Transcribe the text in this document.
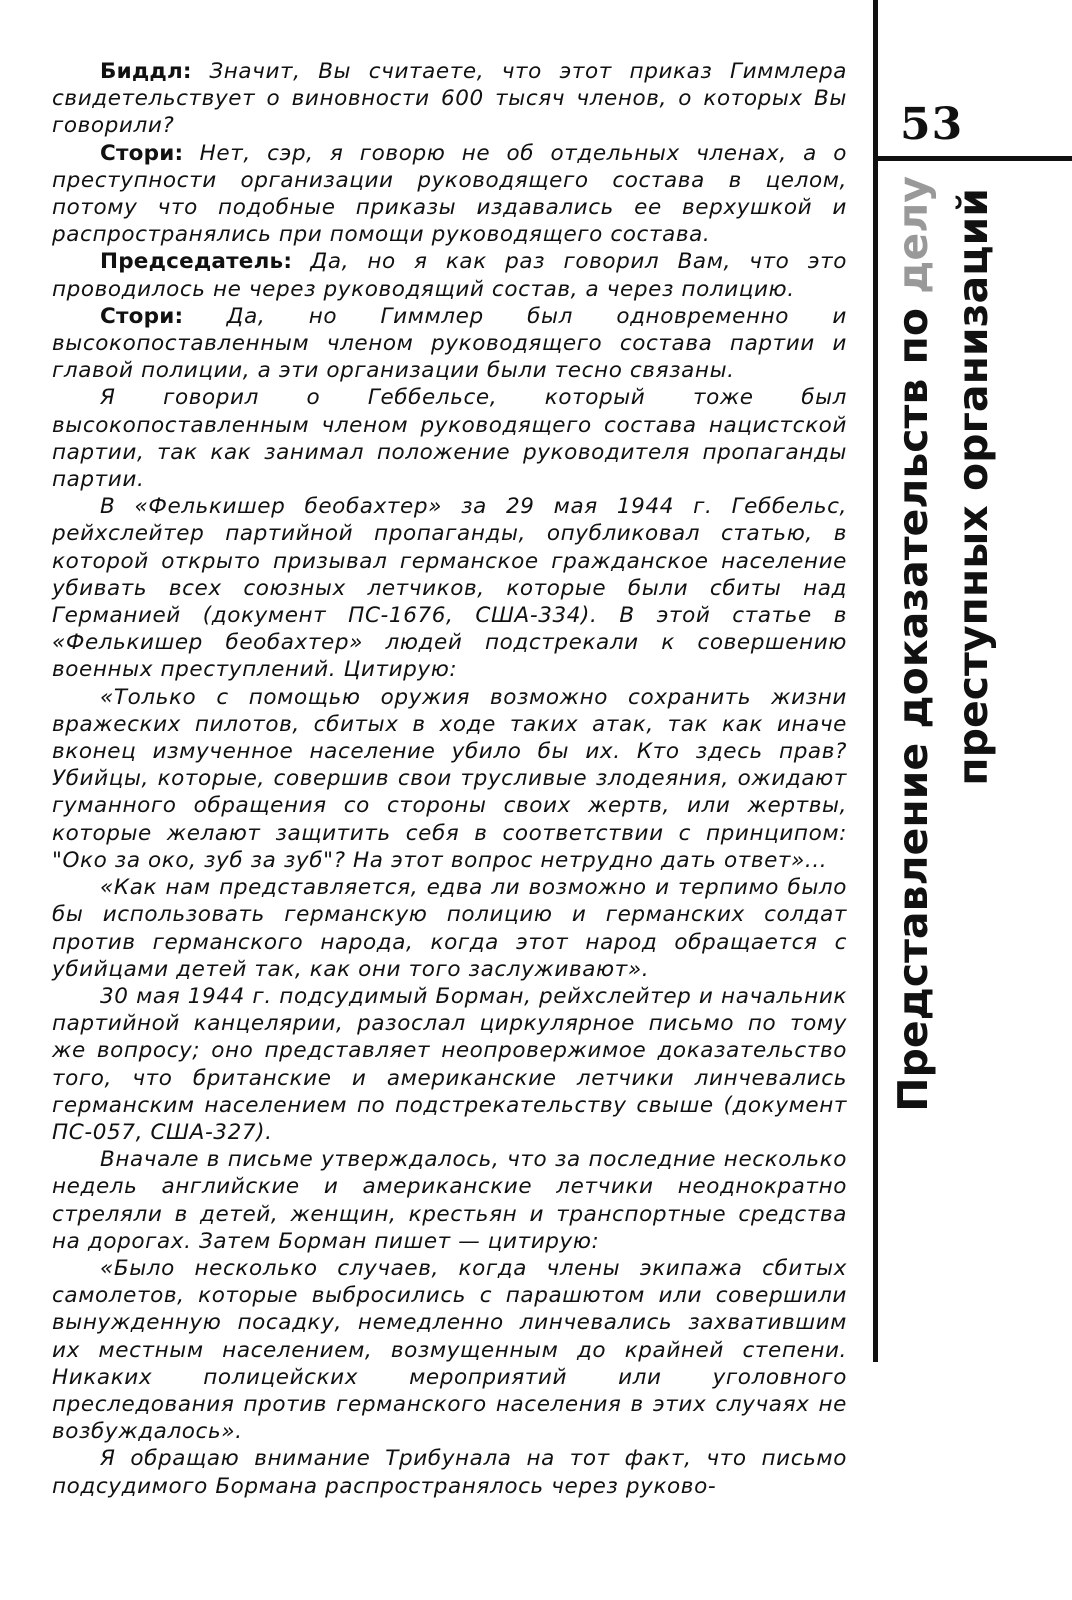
53
Представление доказательств по делу преступных организаций

Биддл: Значит, Вы считаете, что этот приказ Гиммлера свидетельствует о виновности 600 тысяч членов, о которых Вы говорили?

Стори: Нет, сэр, я говорю не об отдельных членах, а о преступности организации руководящего состава в целом, потому что подобные приказы издавались ее верхушкой и распространялись при помощи руководящего состава.

Председатель: Да, но я как раз говорил Вам, что это проводилось не через руководящий состав, а через полицию.

Стори: Да, но Гиммлер был одновременно и высокопоставленным членом руководящего состава партии и главой полиции, а эти организации были тесно связаны.

Я говорил о Геббельсе, который тоже был высокопоставленным членом руководящего состава нацистской партии, так как занимал положение руководителя пропаганды партии.

В «Фелькишер беобахтер» за 29 мая 1944 г. Геббельс, рейхслейтер партийной пропаганды, опубликовал статью, в которой открыто призывал германское гражданское население убивать всех союзных летчиков, которые были сбиты над Германией (документ ПС-1676, США-334). В этой статье в «Фелькишер беобахтер» людей подстрекали к совершению военных преступлений. Цитирую:

«Только с помощью оружия возможно сохранить жизни вражеских пилотов, сбитых в ходе таких атак, так как иначе вконец измученное население убило бы их. Кто здесь прав? Убийцы, которые, совершив свои трусливые злодеяния, ожидают гуманного обращения со стороны своих жертв, или жертвы, которые желают защитить себя в соответствии с принципом: "Око за око, зуб за зуб"? На этот вопрос нетрудно дать ответ»...

«Как нам представляется, едва ли возможно и терпимо было бы использовать германскую полицию и германских солдат против германского народа, когда этот народ обращается с убийцами детей так, как они того заслуживают».

30 мая 1944 г. подсудимый Борман, рейхслейтер и начальник партийной канцелярии, разослал циркулярное письмо по тому же вопросу; оно представляет неопровержимое доказательство того, что британские и американские летчики линчевались германским населением по подстрекательству свыше (документ ПС-057, США-327).

Вначале в письме утверждалось, что за последние несколько недель английские и американские летчики неоднократно стреляли в детей, женщин, крестьян и транспортные средства на дорогах. Затем Борман пишет — цитирую:

«Было несколько случаев, когда члены экипажа сбитых самолетов, которые выбросились с парашютом или совершили вынужденную посадку, немедленно линчевались захватившим их местным населением, возмущенным до крайней степени. Никаких полицейских мероприятий или уголовного преследования против германского населения в этих случаях не возбуждалось».

Я обращаю внимание Трибунала на тот факт, что письмо подсудимого Бормана распространялось через руково-
